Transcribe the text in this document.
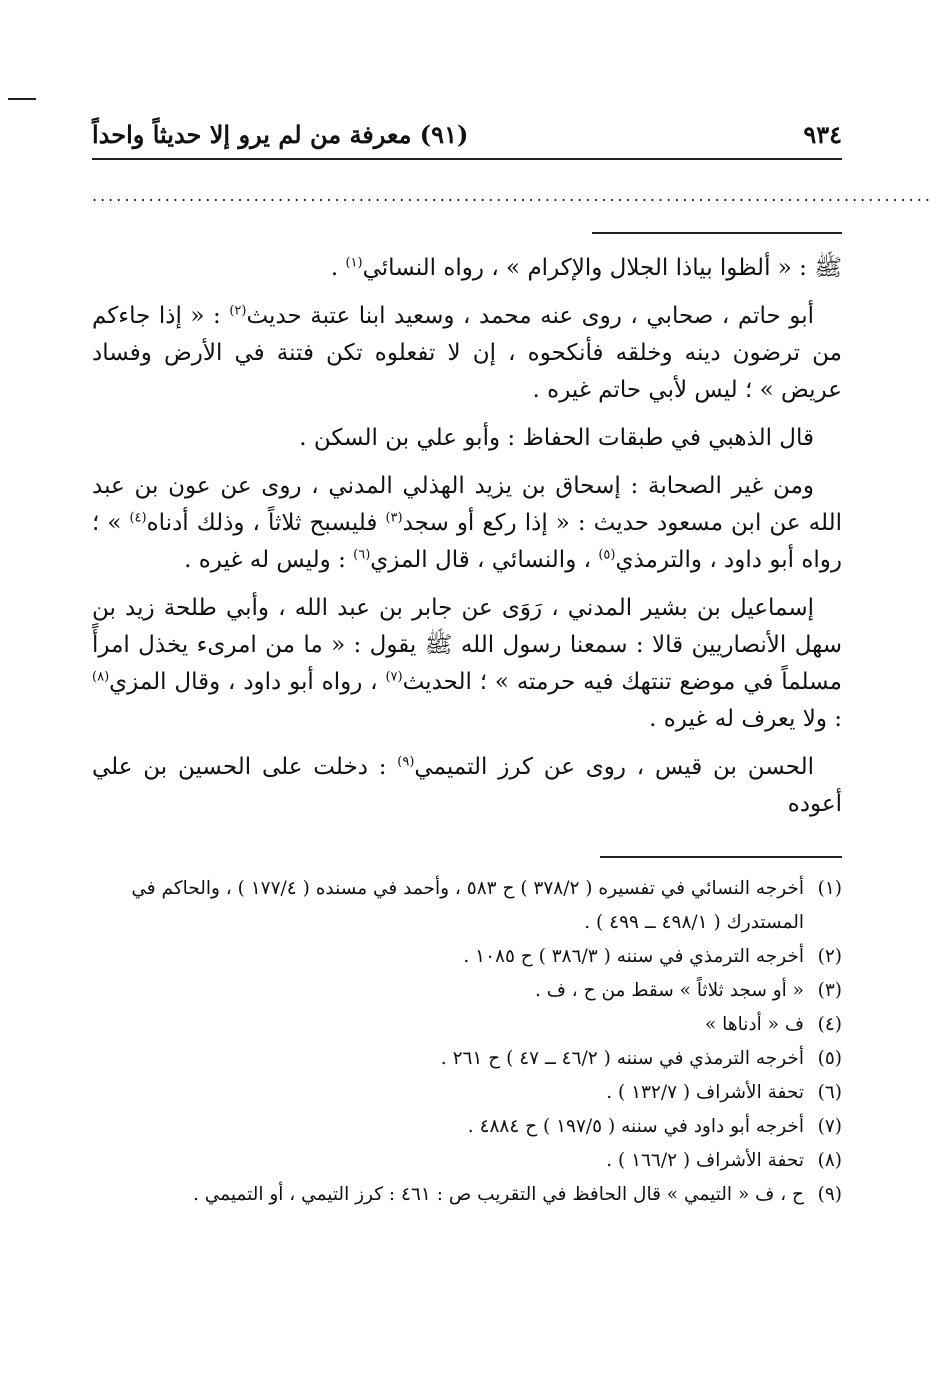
٩٣٤
(٩١) معرفة من لم يرو إلا حديثاً واحداً
........................................................................................................

ﷺ : « ألظوا بياذا الجلال والإكرام » ، رواه النسائي$^{(١)}$ .

أبو حاتم ، صحابي ، روى عنه محمد ، وسعيد ابنا عتبة حديث$^{(٢)}$ : « إذا جاءكم من ترضون دينه وخلقه فأنكحوه ، إن لا تفعلوه تكن فتنة في الأرض وفساد عريض » ؛ ليس لأبي حاتم غيره .

قال الذهبي في طبقات الحفاظ : وأبو علي بن السكن .

ومن غير الصحابة : إسحاق بن يزيد الهذلي المدني ، روى عن عون بن عبد الله عن ابن مسعود حديث : « إذا ركع أو سجد$^{(٣)}$ فليسبح ثلاثاً ، وذلك أدناه$^{(٤)}$ » ؛ رواه أبو داود ، والترمذي$^{(٥)}$ ، والنسائي ، قال المزي$^{(٦)}$ : وليس له غيره .

إسماعيل بن بشير المدني ، رَوَى عن جابر بن عبد الله ، وأبي طلحة زيد بن سهل الأنصاريين قالا : سمعنا رسول الله ﷺ يقول : « ما من امرىء يخذل امرأً مسلماً في موضع تنتهك فيه حرمته » ؛ الحديث$^{(٧)}$ ، رواه أبو داود ، وقال المزي$^{(٨)}$ : ولا يعرف له غيره .

الحسن بن قيس ، روى عن كرز التميمي$^{(٩)}$ : دخلت على الحسين بن علي أعوده

(١)
أخرجه النسائي في تفسيره ( ٣٧٨/٢ ) ح ٥٨٣ ، وأحمد في مسنده ( ١٧٧/٤ ) ، والحاكم في المستدرك ( ٤٩٨/١ ــ ٤٩٩ ) .
(٢)
أخرجه الترمذي في سننه ( ٣٨٦/٣ ) ح ١٠٨٥ .
(٣)
« أو سجد ثلاثاً » سقط من ح ، ف .
(٤)
ف « أدناها »
(٥)
أخرجه الترمذي في سننه ( ٤٦/٢ ــ ٤٧ ) ح ٢٦١ .
(٦)
تحفة الأشراف ( ١٣٢/٧ ) .
(٧)
أخرجه أبو داود في سننه ( ١٩٧/٥ ) ح ٤٨٨٤ .
(٨)
تحفة الأشراف ( ١٦٦/٢ ) .
(٩)
ح ، ف « التيمي » قال الحافظ في التقريب ص : ٤٦١ : كرز التيمي ، أو التميمي .
